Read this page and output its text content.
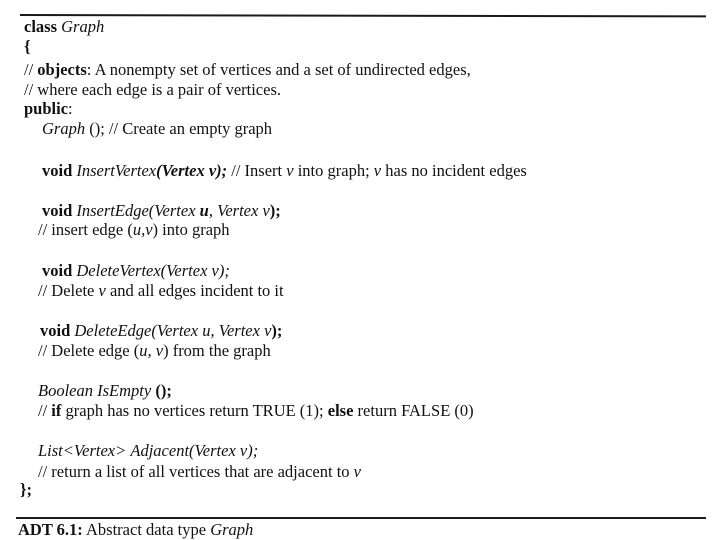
class Graph
{
// objects: A nonempty set of vertices and a set of undirected edges,
// where each edge is a pair of vertices.
public:
Graph (); // Create an empty graph
void InsertVertex(Vertex v); // Insert v into graph; v has no incident edges
void InsertEdge(Vertex u, Vertex v);
// insert edge (u,v) into graph
void DeleteVertex(Vertex v);
// Delete v and all edges incident to it
void DeleteEdge(Vertex u, Vertex v);
// Delete edge (u, v) from the graph
Boolean IsEmpty ();
// if graph has no vertices return TRUE (1); else return FALSE (0)
List<Vertex> Adjacent(Vertex v);
// return a list of all vertices that are adjacent to v
};
ADT 6.1: Abstract data type Graph
